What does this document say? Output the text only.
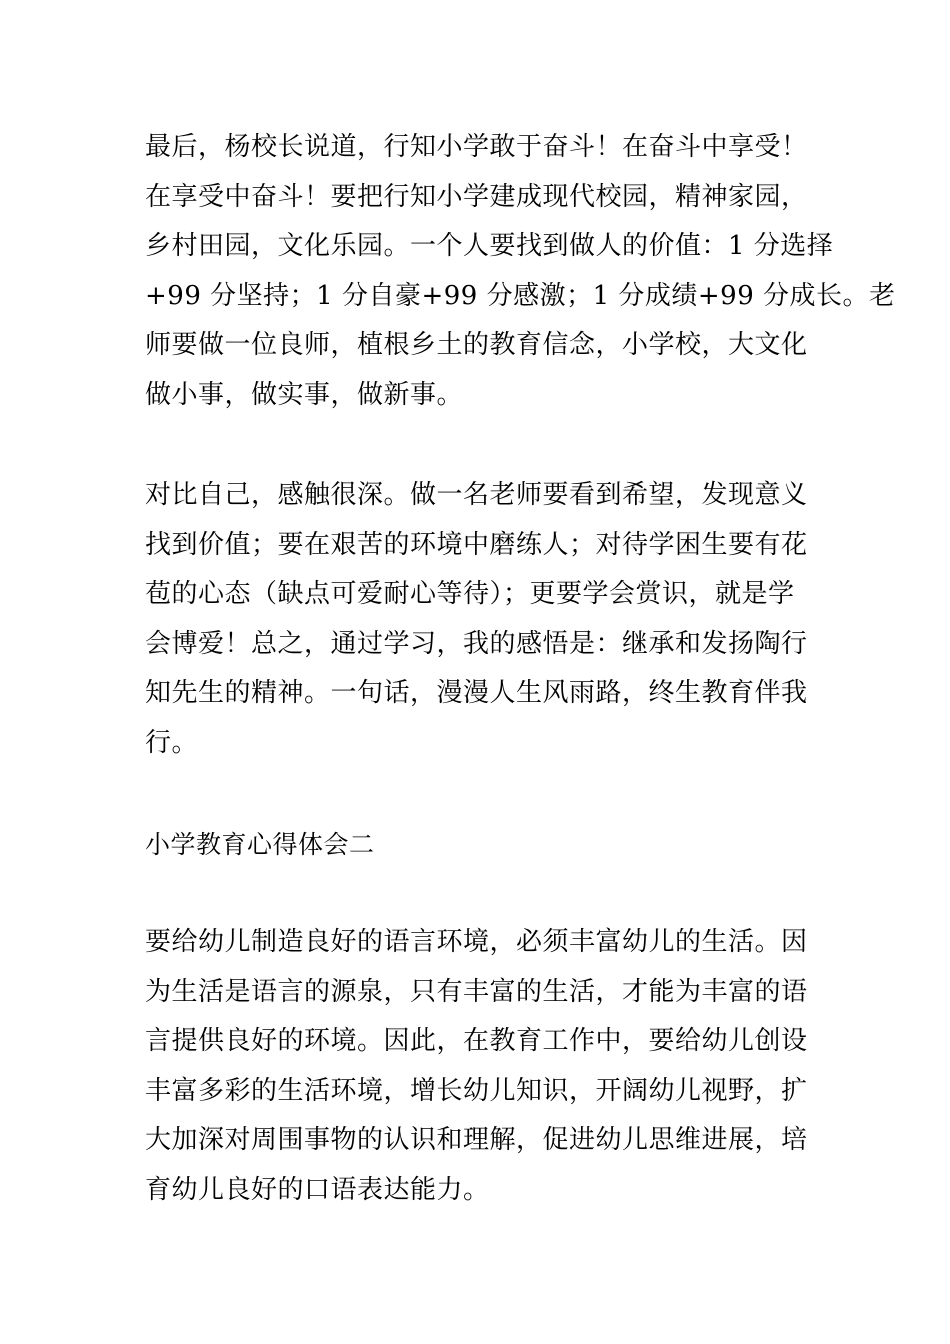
最后，杨校长说道，行知小学敢于奋斗！在奋斗中享受！
在享受中奋斗！要把行知小学建成现代校园，精神家园，
乡村田园，文化乐园。一个人要找到做人的价值：1 分选择
+99 分坚持；1 分自豪+99 分感激；1 分成绩+99 分成长。老
师要做一位良师，植根乡土的教育信念，小学校，大文化
做小事，做实事，做新事。
对比自己，感触很深。做一名老师要看到希望，发现意义
找到价值；要在艰苦的环境中磨练人；对待学困生要有花
苞的心态（缺点可爱耐心等待）；更要学会赏识，就是学
会博爱！总之，通过学习，我的感悟是：继承和发扬陶行
知先生的精神。一句话，漫漫人生风雨路，终生教育伴我
行。
小学教育心得体会二
要给幼儿制造良好的语言环境，必须丰富幼儿的生活。因
为生活是语言的源泉，只有丰富的生活，才能为丰富的语
言提供良好的环境。因此，在教育工作中，要给幼儿创设
丰富多彩的生活环境，增长幼儿知识，开阔幼儿视野，扩
大加深对周围事物的认识和理解，促进幼儿思维进展，培
育幼儿良好的口语表达能力。
